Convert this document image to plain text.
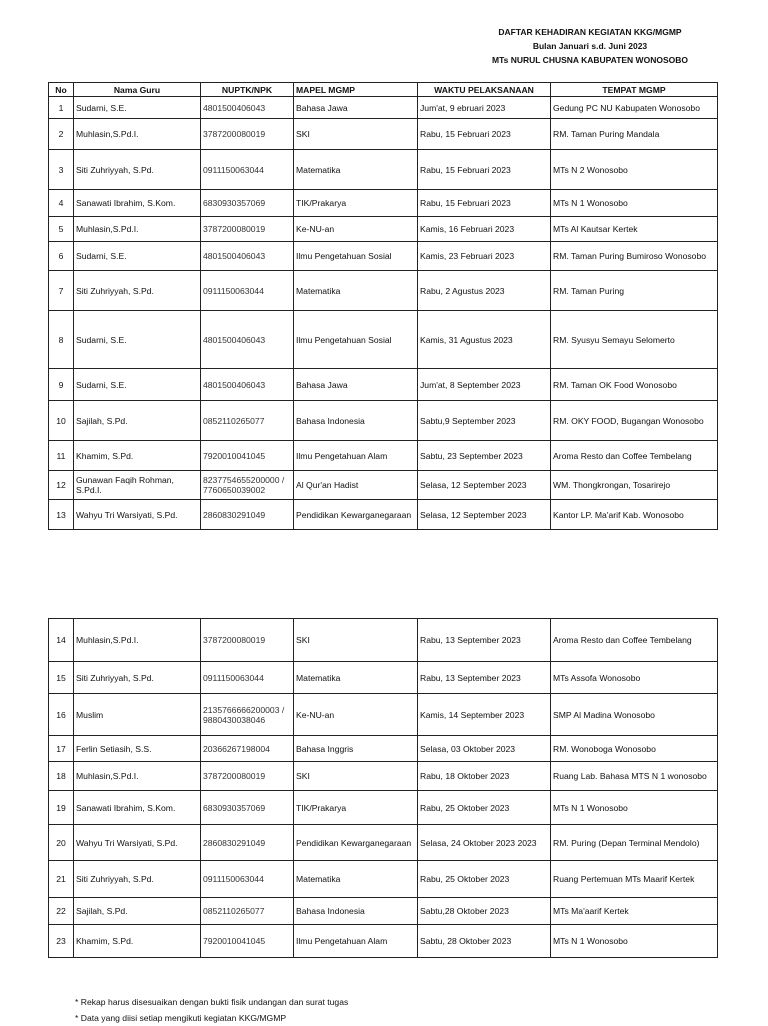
DAFTAR KEHADIRAN KEGIATAN KKG/MGMP
Bulan Januari s.d. Juni 2023
MTs NURUL CHUSNA KABUPATEN WONOSOBO
No	Nama Guru	NUPTK/NPK	MAPEL MGMP	WAKTU PELAKSANAAN	TEMPAT MGMP
1	Sudarni, S.E.	4801500406043	Bahasa Jawa	Jum'at, 9 ebruari 2023	Gedung PC NU Kabupaten Wonosobo
2	Muhlasin,S.Pd.I.	3787200080019	SKI	Rabu, 15 Februari 2023	RM. Taman Puring Mandala
3	Siti Zuhriyyah, S.Pd.	0911150063044	Matematika	Rabu, 15 Februari 2023	MTs N 2 Wonosobo
4	Sanawati Ibrahim, S.Kom.	6830930357069	TIK/Prakarya	Rabu, 15 Februari 2023	MTs N 1 Wonosobo
5	Muhlasin,S.Pd.I.	3787200080019	Ke-NU-an	Kamis, 16 Februari 2023	MTs Al Kautsar Kertek
6	Sudarni, S.E.	4801500406043	Ilmu Pengetahuan Sosial	Kamis, 23 Februari 2023	RM. Taman Puring Bumiroso Wonosobo
7	Siti Zuhriyyah, S.Pd.	0911150063044	Matematika	Rabu, 2 Agustus 2023	RM. Taman Puring
8	Sudarni, S.E.	4801500406043	Ilmu Pengetahuan Sosial	Kamis, 31 Agustus 2023	RM. Syusyu Semayu Selomerto
9	Sudarni, S.E.	4801500406043	Bahasa Jawa	Jum'at, 8 September 2023	RM. Taman OK Food Wonosobo
10	Sajilah, S.Pd.	0852110265077	Bahasa Indonesia	Sabtu,9 September 2023	RM. OKY FOOD, Bugangan Wonosobo
11	Khamim, S.Pd.	7920010041045	Ilmu Pengetahuan Alam	Sabtu, 23 September 2023	Aroma Resto dan Coffee Tembelang
12	Gunawan Faqih Rohman, S.Pd.I.	8237754655200000 / 7760650039002	Al Qur'an Hadist	Selasa, 12 September 2023	WM. Thongkrongan, Tosarirejo
13	Wahyu Tri Warsiyati, S.Pd.	2860830291049	Pendidikan Kewarganegaraan	Selasa, 12 September 2023	Kantor LP. Ma'arif Kab. Wonosobo
14	Muhlasin,S.Pd.I.	3787200080019	SKI	Rabu, 13 September 2023	Aroma Resto dan Coffee Tembelang
15	Siti Zuhriyyah, S.Pd.	0911150063044	Matematika	Rabu, 13 September 2023	MTs Assofa Wonosobo
16	Muslim	2135766666200003 / 9880430038046	Ke-NU-an	Kamis, 14 September 2023	SMP Al Madina Wonosobo
17	Ferlin Setiasih, S.S.	20366267198004	Bahasa Inggris	Selasa, 03 Oktober 2023	RM. Wonoboga Wonosobo
18	Muhlasin,S.Pd.I.	3787200080019	SKI	Rabu, 18 Oktober 2023	Ruang Lab. Bahasa MTS N 1 wonosobo
19	Sanawati Ibrahim, S.Kom.	6830930357069	TIK/Prakarya	Rabu, 25 Oktober 2023	MTs N 1 Wonosobo
20	Wahyu Tri Warsiyati, S.Pd.	2860830291049	Pendidikan Kewarganegaraan	Selasa, 24 Oktober 2023 2023	RM. Puring (Depan Terminal Mendolo)
21	Siti Zuhriyyah, S.Pd.	0911150063044	Matematika	Rabu, 25 Oktober 2023	Ruang Pertemuan MTs Maarif Kertek
22	Sajilah, S.Pd.	0852110265077	Bahasa Indonesia	Sabtu,28 Oktober 2023	MTs Ma'aarif Kertek
23	Khamim, S.Pd.	7920010041045	Ilmu Pengetahuan Alam	Sabtu, 28 Oktober 2023	MTs N 1 Wonosobo
* Rekap harus disesuaikan dengan bukti fisik undangan dan surat tugas
* Data yang diisi setiap mengikuti kegiatan KKG/MGMP
